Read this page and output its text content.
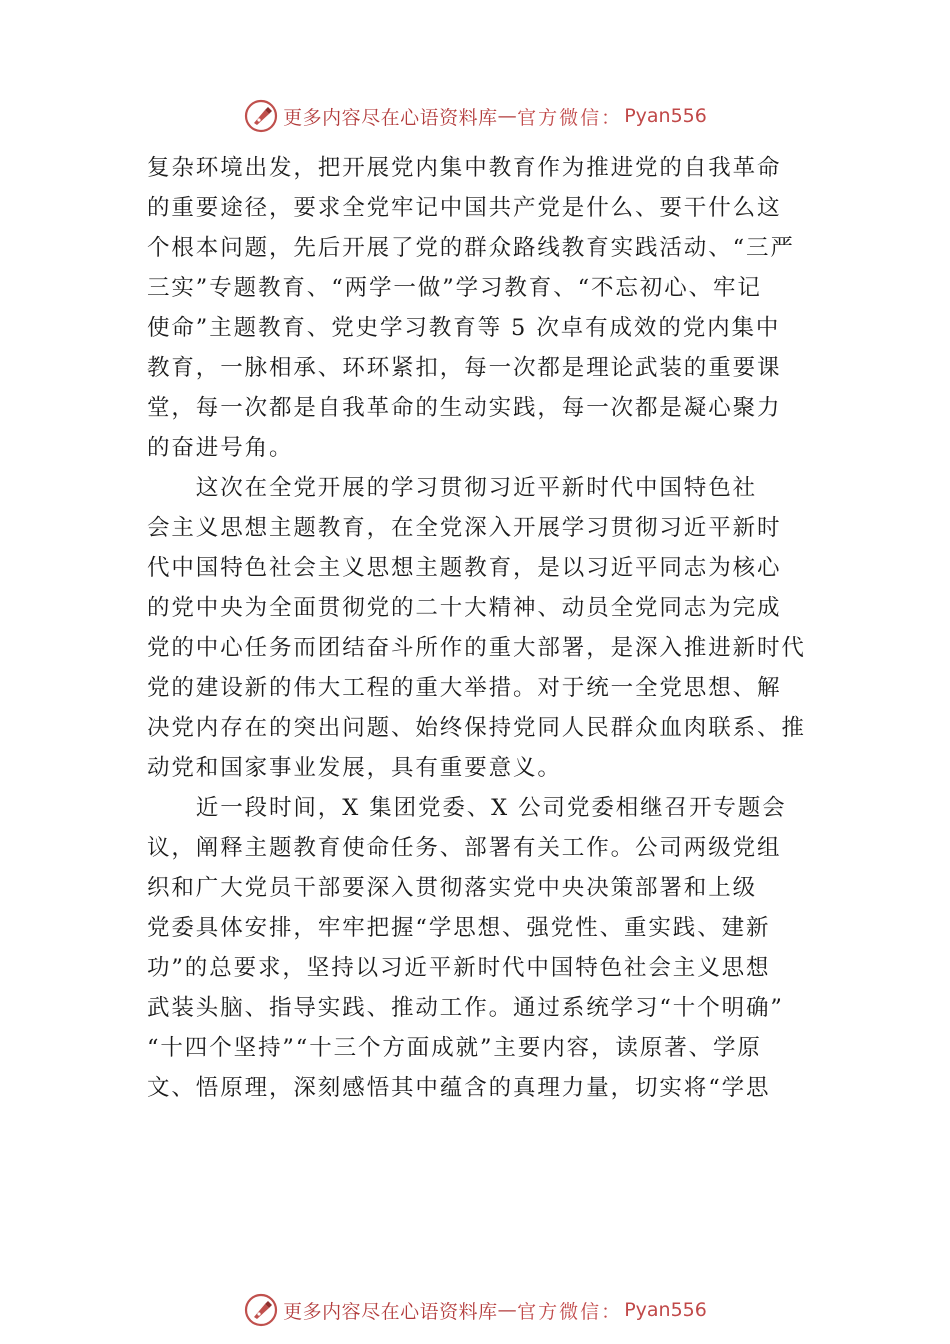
更多内容尽在心语资料库 — 官方微信： Pyan556
复杂环境出发，把开展党内集中教育作为推进党的自我革命
的重要途径，要求全党牢记中国共产党是什么、要干什么这
个根本问题，先后开展了党的群众路线教育实践活动、“三严
三实”专题教育、“两学一做”学习教育、“不忘初心、牢记
使命”主题教育、党史学习教育等 5 次卓有成效的党内集中
教育，一脉相承、环环紧扣，每一次都是理论武装的重要课
堂，每一次都是自我革命的生动实践，每一次都是凝心聚力
的奋进号角。
　　这次在全党开展的学习贯彻习近平新时代中国特色社
会主义思想主题教育，在全党深入开展学习贯彻习近平新时
代中国特色社会主义思想主题教育，是以习近平同志为核心
的党中央为全面贯彻党的二十大精神、动员全党同志为完成
党的中心任务而团结奋斗所作的重大部署，是深入推进新时代
党的建设新的伟大工程的重大举措。对于统一全党思想、解
决党内存在的突出问题、始终保持党同人民群众血肉联系、推
动党和国家事业发展，具有重要意义。
　　近一段时间，X 集团党委、X 公司党委相继召开专题会
议，阐释主题教育使命任务、部署有关工作。公司两级党组
织和广大党员干部要深入贯彻落实党中央决策部署和上级
党委具体安排，牢牢把握“学思想、强党性、重实践、建新
功”的总要求，坚持以习近平新时代中国特色社会主义思想
武装头脑、指导实践、推动工作。通过系统学习“十个明确”
“十四个坚持”“十三个方面成就”主要内容，读原著、学原
文、悟原理，深刻感悟其中蕴含的真理力量，切实将“学思
更多内容尽在心语资料库 — 官方微信： Pyan556
